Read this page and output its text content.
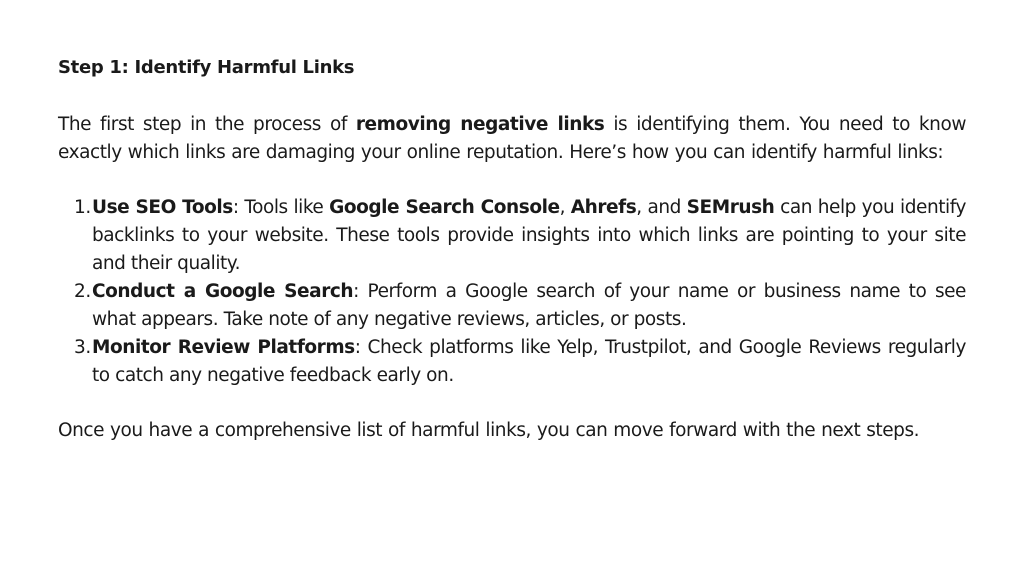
Step 1: Identify Harmful Links

The first step in the process of removing negative links is identifying them. You need to know exactly which links are damaging your online reputation. Here’s how you can identify harmful links:

1. Use SEO Tools: Tools like Google Search Console, Ahrefs, and SEMrush can help you identify backlinks to your website. These tools provide insights into which links are pointing to your site and their quality.
2. Conduct a Google Search: Perform a Google search of your name or business name to see what appears. Take note of any negative reviews, articles, or posts.
3. Monitor Review Platforms: Check platforms like Yelp, Trustpilot, and Google Reviews regularly to catch any negative feedback early on.

Once you have a comprehensive list of harmful links, you can move forward with the next steps.
